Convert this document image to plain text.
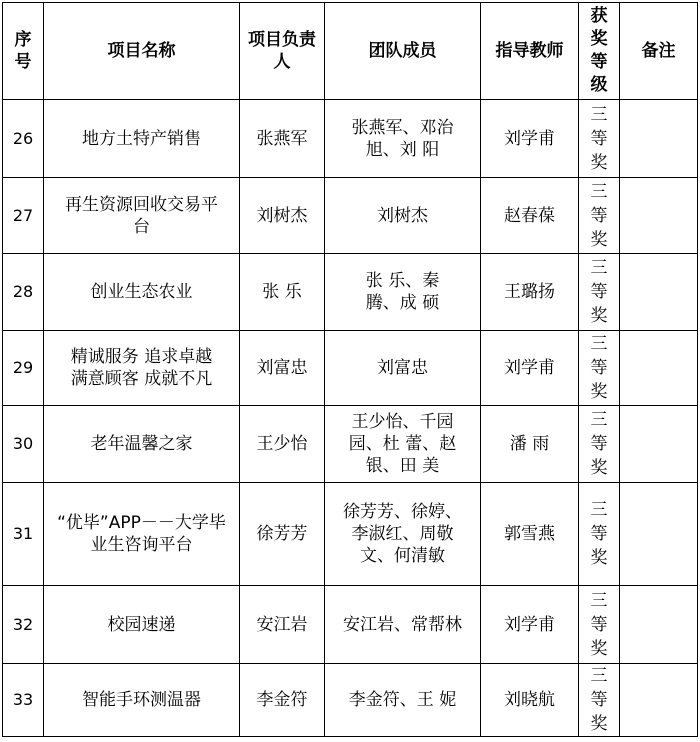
序号	项目名称	项目负责人	团队成员	指导教师	获奖等级	备注
26	地方土特产销售	张燕军	张燕军、邓治旭、刘 阳	刘学甫	三等奖	
27	再生资源回收交易平台	刘树杰	刘树杰	赵春葆	三等奖	
28	创业生态农业	张 乐	张 乐、秦 腾、成 硕	王璐扬	三等奖	
29	精诚服务 追求卓越 满意顾客 成就不凡	刘富忠	刘富忠	刘学甫	三等奖	
30	老年温馨之家	王少怡	王少怡、千园园、杜 蕾、赵 银、田 美	潘 雨	三等奖	
31	“优毕”APP－－大学毕业生咨询平台	徐芳芳	徐芳芳、徐婷、李淑红、周敬文、何清敏	郭雪燕	三等奖	
32	校园速递	安江岩	安江岩、常帮林	刘学甫	三等奖	
33	智能手环测温器	李金符	李金符、王 妮	刘晓航	三等奖	
